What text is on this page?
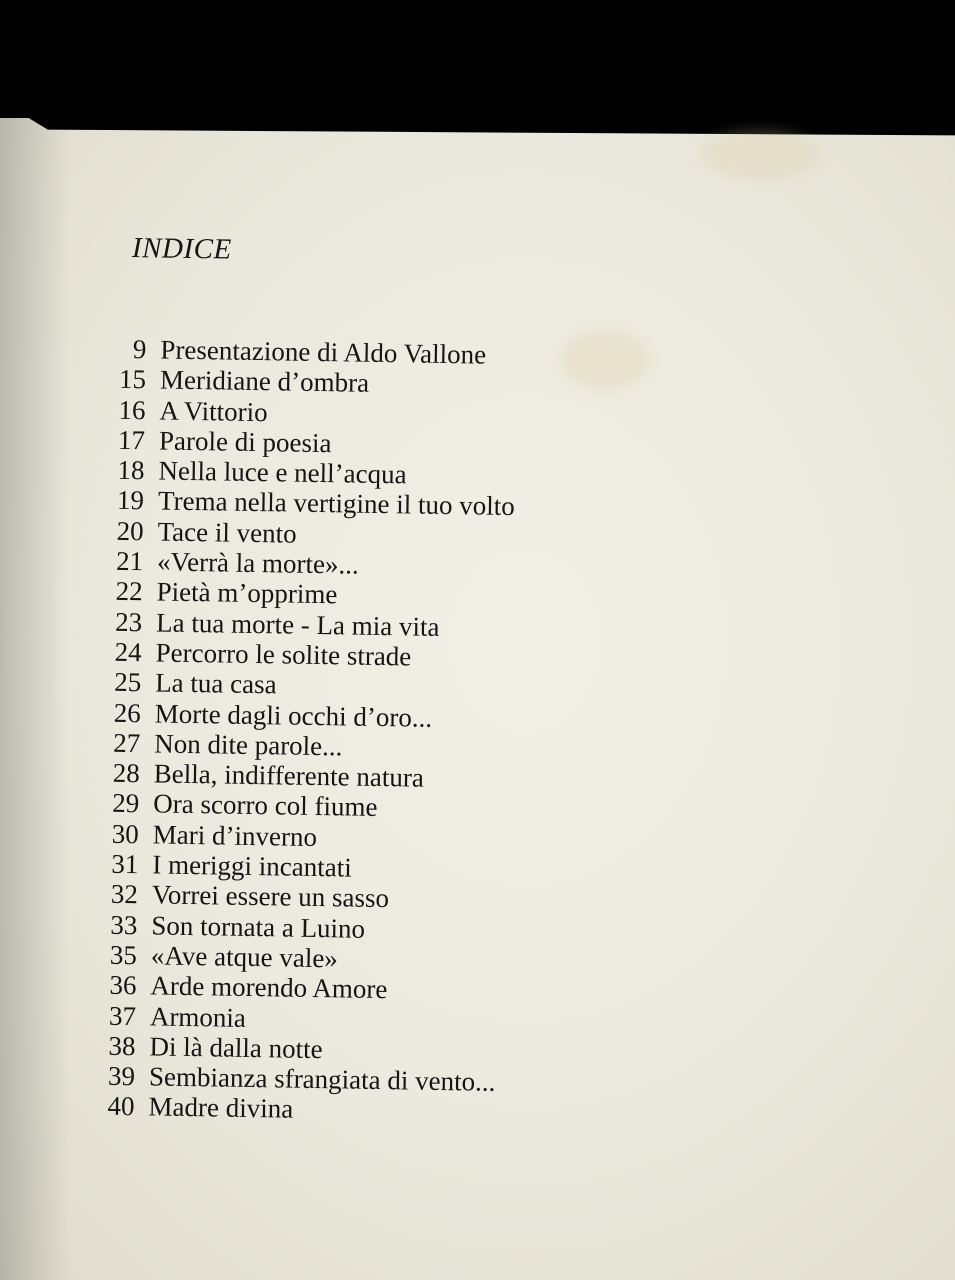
INDICE
9 Presentazione di Aldo Vallone
15 Meridiane d’ombra
16 A Vittorio
17 Parole di poesia
18 Nella luce e nell’acqua
19 Trema nella vertigine il tuo volto
20 Tace il vento
21 «Verrà la morte»...
22 Pietà m’opprime
23 La tua morte - La mia vita
24 Percorro le solite strade
25 La tua casa
26 Morte dagli occhi d’oro...
27 Non dite parole...
28 Bella, indifferente natura
29 Ora scorro col fiume
30 Mari d’inverno
31 I meriggi incantati
32 Vorrei essere un sasso
33 Son tornata a Luino
35 «Ave atque vale»
36 Arde morendo Amore
37 Armonia
38 Di là dalla notte
39 Sembianza sfrangiata di vento...
40 Madre divina
